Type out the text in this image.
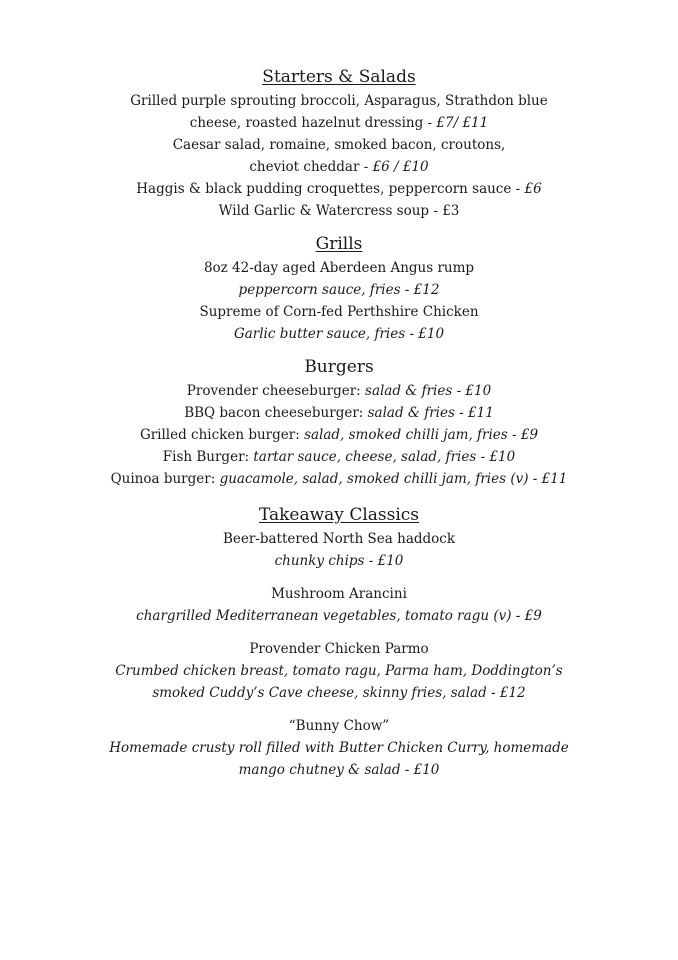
Starters & Salads
Grilled purple sprouting broccoli, Asparagus, Strathdon blue
cheese, roasted hazelnut dressing - £7/ £11
Caesar salad, romaine, smoked bacon, croutons,
cheviot cheddar - £6 / £10
Haggis & black pudding croquettes, peppercorn sauce - £6
Wild Garlic & Watercress soup - £3
Grills
8oz 42-day aged Aberdeen Angus rump
peppercorn sauce, fries - £12
Supreme of Corn-fed Perthshire Chicken
Garlic butter sauce, fries - £10
Burgers
Provender cheeseburger: salad & fries - £10
BBQ bacon cheeseburger: salad & fries - £11
Grilled chicken burger: salad, smoked chilli jam, fries - £9
Fish Burger: tartar sauce, cheese, salad, fries - £10
Quinoa burger: guacamole, salad, smoked chilli jam, fries (v) - £11
Takeaway Classics
Beer-battered North Sea haddock
chunky chips - £10
Mushroom Arancini
chargrilled Mediterranean vegetables, tomato ragu (v) - £9
Provender Chicken Parmo
Crumbed chicken breast, tomato ragu, Parma ham, Doddington’s
smoked Cuddy’s Cave cheese, skinny fries, salad - £12
“Bunny Chow”
Homemade crusty roll filled with Butter Chicken Curry, homemade
mango chutney & salad - £10
